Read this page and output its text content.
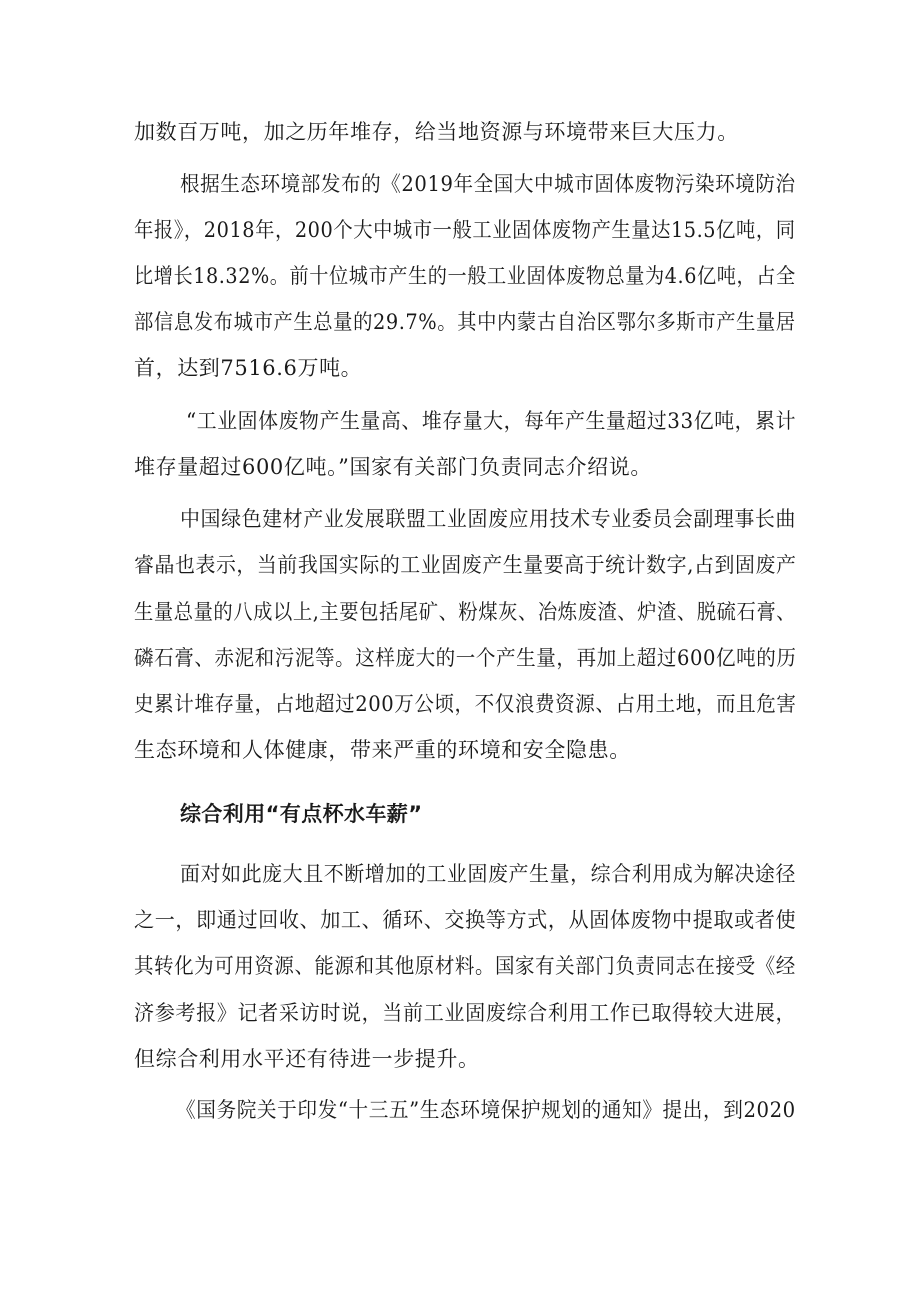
加数百万吨，加之历年堆存，给当地资源与环境带来巨大压力。

根据生态环境部发布的《2019年全国大中城市固体废物污染环境防治

年报》，2018年，200个大中城市一般工业固体废物产生量达15.5亿吨，同

比增长18.32%。前十位城市产生的一般工业固体废物总量为4.6亿吨，占全

部信息发布城市产生总量的29.7%。其中内蒙古自治区鄂尔多斯市产生量居

首，达到7516.6万吨。

“工业固体废物产生量高、堆存量大，每年产生量超过33亿吨，累计

堆存量超过600亿吨。”国家有关部门负责同志介绍说。

中国绿色建材产业发展联盟工业固废应用技术专业委员会副理事长曲

睿晶也表示，当前我国实际的工业固废产生量要高于统计数字,占到固废产

生量总量的八成以上,主要包括尾矿、粉煤灰、冶炼废渣、炉渣、脱硫石膏、

磷石膏、赤泥和污泥等。这样庞大的一个产生量，再加上超过600亿吨的历

史累计堆存量，占地超过200万公顷，不仅浪费资源、占用土地，而且危害

生态环境和人体健康，带来严重的环境和安全隐患。

综合利用“有点杯水车薪”

面对如此庞大且不断增加的工业固废产生量，综合利用成为解决途径

之一，即通过回收、加工、循环、交换等方式，从固体废物中提取或者使

其转化为可用资源、能源和其他原材料。国家有关部门负责同志在接受《经

济参考报》记者采访时说，当前工业固废综合利用工作已取得较大进展，

但综合利用水平还有待进一步提升。

《国务院关于印发“十三五”生态环境保护规划的通知》提出，到2020
